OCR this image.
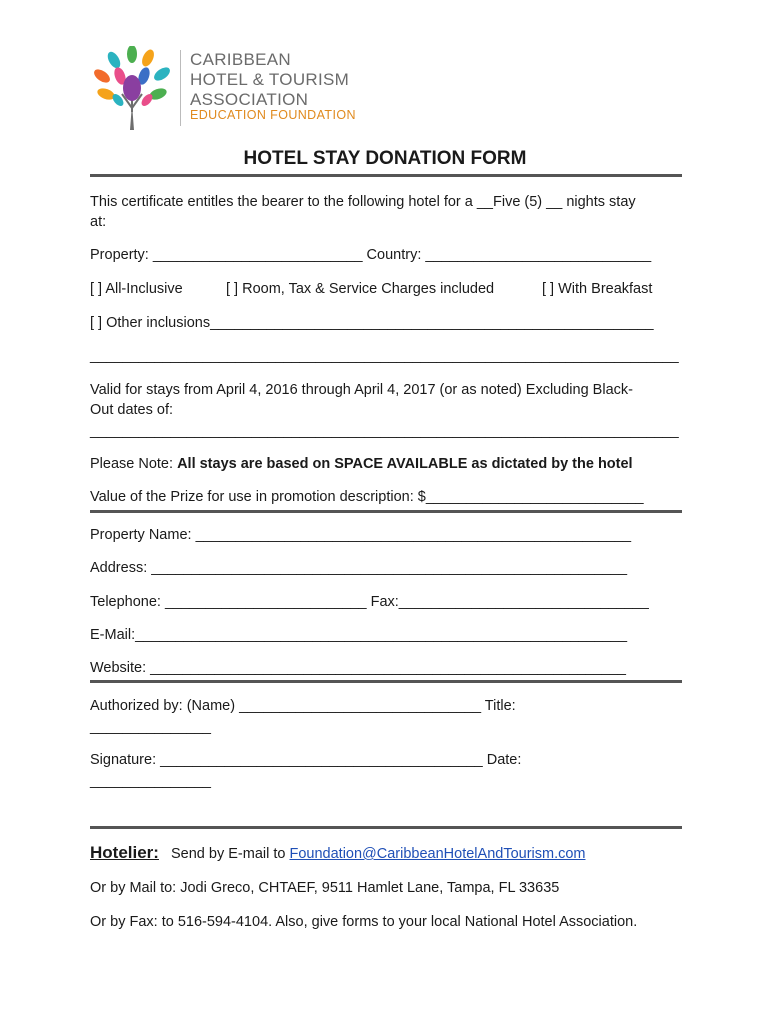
CARIBBEAN
HOTEL & TOURISM
ASSOCIATION
EDUCATION FOUNDATION
HOTEL STAY DONATION FORM
This certificate entitles the bearer to the following hotel for a __Five (5) __ nights stay
at:
Property: __________________________ Country: ____________________________
[ ] All-Inclusive	[ ] Room, Tax & Service Charges included	[ ] With Breakfast
[ ] Other inclusions_______________________________________________________
_________________________________________________________________________
Valid for stays from April 4, 2016 through April 4, 2017 (or as noted) Excluding Black-
Out dates of:
_________________________________________________________________________
Please Note: All stays are based on SPACE AVAILABLE as dictated by the hotel
Value of the Prize for use in promotion description: $___________________________
Property Name: ______________________________________________________
Address: ___________________________________________________________
Telephone: _________________________ Fax:_______________________________
E-Mail:_____________________________________________________________
Website: ___________________________________________________________
Authorized by: (Name) ______________________________ Title:
_______________
Signature: ________________________________________ Date:
_______________
Hotelier: Send by E-mail to Foundation@CaribbeanHotelAndTourism.com
Or by Mail to: Jodi Greco, CHTAEF, 9511 Hamlet Lane, Tampa, FL 33635
Or by Fax: to 516-594-4104. Also, give forms to your local National Hotel Association.
